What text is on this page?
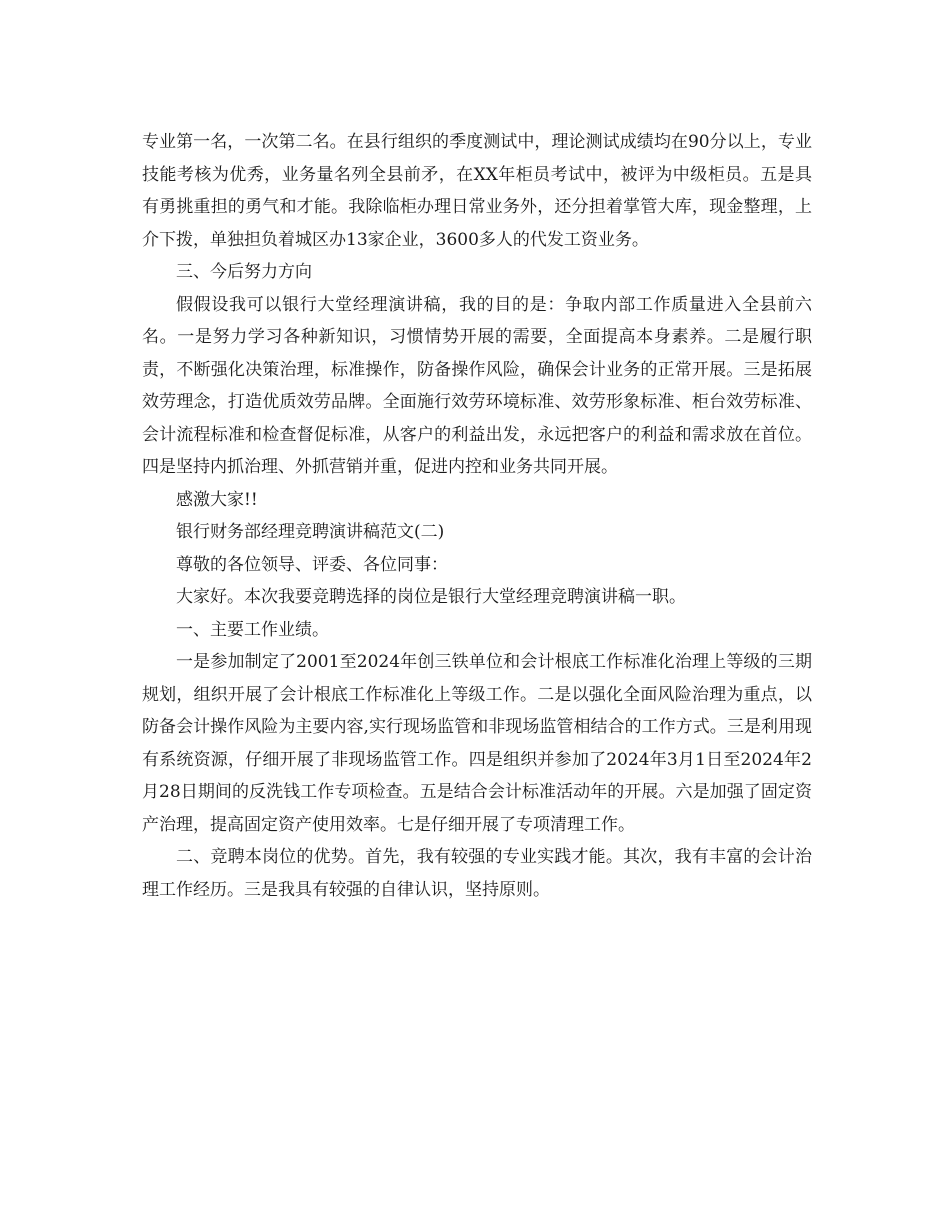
专业第一名，一次第二名。在县行组织的季度测试中，理论测试成绩均在90分以上，专业技能考核为优秀，业务量名列全县前矛，在XX年柜员考试中，被评为中级柜员。五是具有勇挑重担的勇气和才能。我除临柜办理日常业务外，还分担着掌管大库，现金整理，上介下拨，单独担负着城区办13家企业，3600多人的代发工资业务。

三、今后努力方向

假假设我可以银行大堂经理演讲稿，我的目的是：争取内部工作质量进入全县前六名。一是努力学习各种新知识，习惯情势开展的需要，全面提高本身素养。二是履行职责，不断强化决策治理，标准操作，防备操作风险，确保会计业务的正常开展。三是拓展效劳理念，打造优质效劳品牌。全面施行效劳环境标准、效劳形象标准、柜台效劳标准、会计流程标准和检查督促标准，从客户的利益出发，永远把客户的利益和需求放在首位。四是坚持内抓治理、外抓营销并重，促进内控和业务共同开展。

感激大家!!

银行财务部经理竞聘演讲稿范文(二)

尊敬的各位领导、评委、各位同事：

大家好。本次我要竞聘选择的岗位是银行大堂经理竞聘演讲稿一职。

一、主要工作业绩。

一是参加制定了2001至2024年创三铁单位和会计根底工作标准化治理上等级的三期规划，组织开展了会计根底工作标准化上等级工作。二是以强化全面风险治理为重点，以防备会计操作风险为主要内容,实行现场监管和非现场监管相结合的工作方式。三是利用现有系统资源，仔细开展了非现场监管工作。四是组织并参加了2024年3月1日至2024年2月28日期间的反洗钱工作专项检查。五是结合会计标准活动年的开展。六是加强了固定资产治理，提高固定资产使用效率。七是仔细开展了专项清理工作。

二、竞聘本岗位的优势。首先，我有较强的专业实践才能。其次，我有丰富的会计治理工作经历。三是我具有较强的自律认识，坚持原则。
